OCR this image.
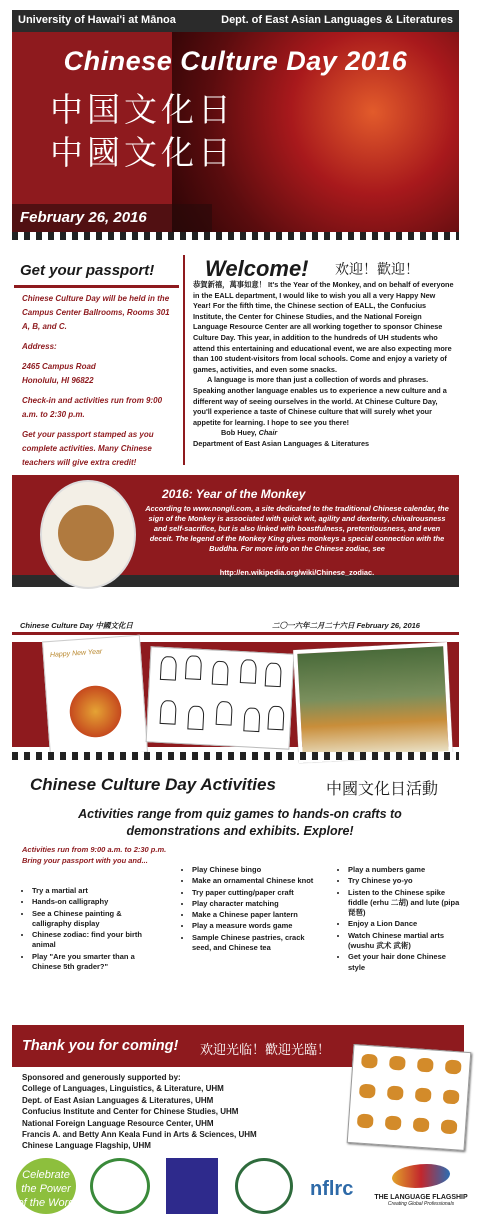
University of Hawai'i at Mānoa	Dept. of East Asian Languages & Literatures
Chinese Culture Day 2016
中国文化日
中國文化日
February 26, 2016
Get your passport!

Chinese Culture Day will be held in the Campus Center Ballrooms, Rooms 301 A, B, and C.

Address:

2465 Campus Road

Honolulu, HI 96822

Check-in and activities run from 9:00 a.m. to 2:30 p.m.

Get your passport stamped as you complete activities. Many Chinese teachers will give extra credit!

Welcome! 欢迎！歡迎！

恭賀新禧，萬事如意！ It's the Year of the Monkey, and on behalf of everyone in the EALL department, I would like to wish you all a very Happy New Year! For the fifth time, the Chinese section of EALL, the Confucius Institute, the Center for Chinese Studies, and the National Foreign Language Resource Center are all working together to sponsor Chinese Culture Day. This year, in addition to the hundreds of UH students who attend this entertaining and educational event, we are also expecting more than 100 student-visitors from local schools. Come and enjoy a variety of games, activities, and even some snacks.

A language is more than just a collection of words and phrases. Speaking another language enables us to experience a new culture and a different way of seeing ourselves in the world. At Chinese Culture Day, you'll experience a taste of Chinese culture that will surely whet your appetite for learning. I hope to see you there!

Bob Huey, Chair

Department of East Asian Languages & Literatures

2016: Year of the Monkey
According to www.nongli.com, a site dedicated to the traditional Chinese calendar, the sign of the Monkey is associated with quick wit, agility and dexterity, chivalrousness and self-sacrifice, but is also linked with boastfulness, pretentiousness, and even deceit. The legend of the Monkey King gives monkeys a special connection with the Buddha. For more info on the Chinese zodiac, see
http://en.wikipedia.org/wiki/Chinese_zodiac.
Chinese Culture Day 中國文化日	二〇一六年二月二十六日 February 26, 2016
Happy New Year
Chinese Culture Day Activities	中國文化日活動
Activities range from quiz games to hands-on crafts to demonstrations and exhibits. Explore!
Activities run from 9:00 a.m. to 2:30 p.m. Bring your passport with you and...
• Try a martial art
• Hands-on calligraphy
• See a Chinese painting & calligraphy display
• Chinese zodiac: find your birth animal
• Play "Are you smarter than a Chinese 5th grader?"
• Play Chinese bingo
• Make an ornamental Chinese knot
• Try paper cutting/paper craft
• Play character matching
• Make a Chinese paper lantern
• Play a measure words game
• Sample Chinese pastries, crack seed, and Chinese tea
• Play a numbers game
• Try Chinese yo-yo
• Listen to the Chinese spike fiddle (erhu 二胡) and lute (pipa 琵琶)
• Enjoy a Lion Dance
• Watch Chinese martial arts (wushu 武术 武術)
• Get your hair done Chinese style
Thank you for coming! 欢迎光临！歡迎光臨！

Sponsored and generously supported by:

College of Languages, Linguistics, & Literature, UHM

Dept. of East Asian Languages & Literatures, UHM

Confucius Institute and Center for Chinese Studies, UHM

National Foreign Language Resource Center, UHM

Francis A. and Betty Ann Keala Fund in Arts & Sciences, UHM

Chinese Language Flagship, UHM

Celebrate the Power of the Word
nflrc	THE LANGUAGE FLAGSHIP
Creating Global Professionals
